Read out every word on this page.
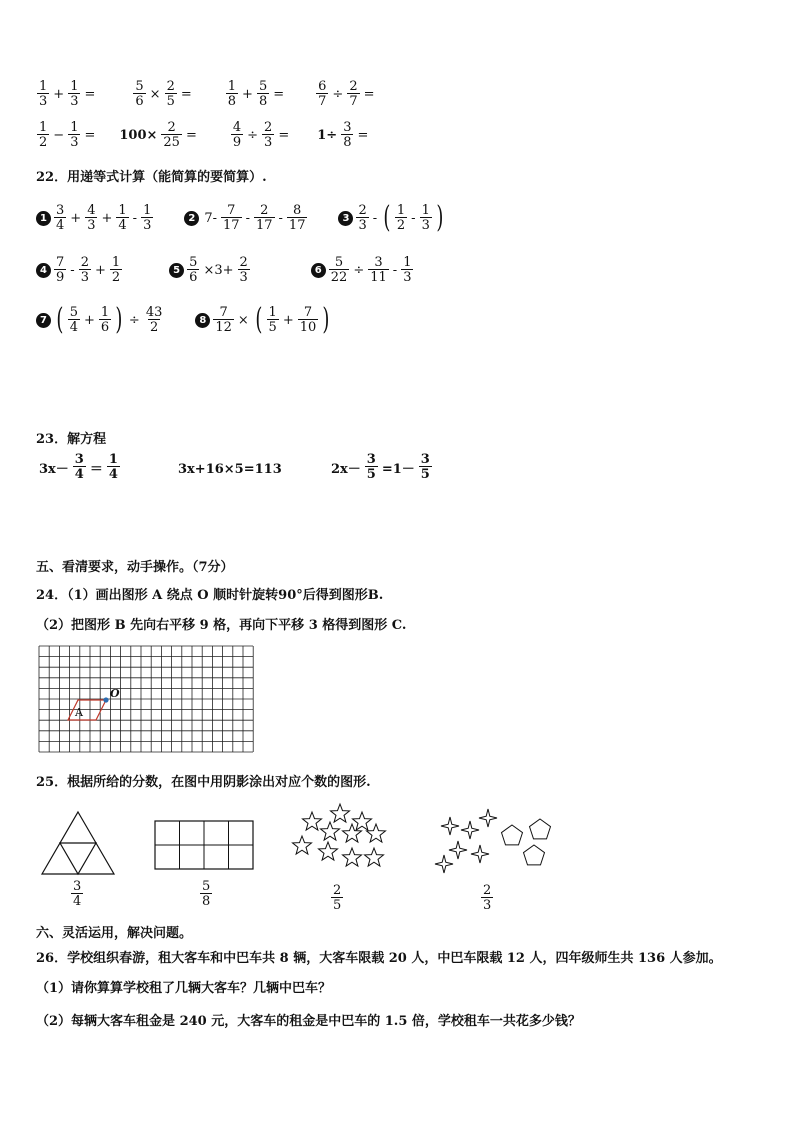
$\frac{1}{3} + \frac{1}{3}$ =	$\frac{5}{6} \times \frac{2}{5}$ =	$\frac{1}{8} + \frac{5}{8} = \frac{6}{7} \div \frac{2}{7}$ =
$\frac{1}{2} - \frac{1}{3} = 100\times \frac{2}{25}$ =	$\frac{4}{9} \div \frac{2}{3} = 1\div \frac{3}{8}$ =
22．用递等式计算（能简算的要简算）.
$1 \frac{3}{4} + \frac{4}{3} + \frac{1}{4} - \frac{1}{3}$	2 $7- \frac{7}{17} - \frac{2}{17} - \frac{8}{17}$	$3 \frac{2}{3}$ - ( $\frac{1}{2} - \frac{1}{3}$ )
$4 \frac{7}{9} - \frac{2}{3} + \frac{1}{2}$	$5 \frac{5}{6} \times 3+ \frac{2}{3}$	$6 \frac{5}{22} \div \frac{3}{11} - \frac{1}{3}$
7 ( $\frac{5}{4} + \frac{1}{6}$ ) ÷ $\frac{43}{2}$	$8 \frac{7}{12}$ × ( $\frac{1}{5} + \frac{7}{10}$ )
23．解方程
$3x- \frac{3}{4} = \frac{1}{4}$	3x+16×5=113	$2x- \frac{3}{5} =1- \frac{3}{5}$
五、看清要求，动手操作。（7分）
24．（1）画出图形 A 绕点 O 顺时针旋转90°后得到图形B.
（2）把图形 B 先向右平移 9 格，再向下平移 3 格得到图形 C.
A
O
25．根据所给的分数，在图中用阴影涂出对应个数的图形.
$\frac{3}{4}$	$\frac{5}{8}$	$\frac{2}{5}$	$\frac{2}{3}$
六、灵活运用，解决问题。
26．学校组织春游，租大客车和中巴车共 8 辆，大客车限载 20 人，中巴车限载 12 人，四年级师生共 136 人参加。
（1）请你算算学校租了几辆大客车？几辆中巴车？
（2）每辆大客车租金是 240 元，大客车的租金是中巴车的 1.5 倍，学校租车一共花多少钱？
